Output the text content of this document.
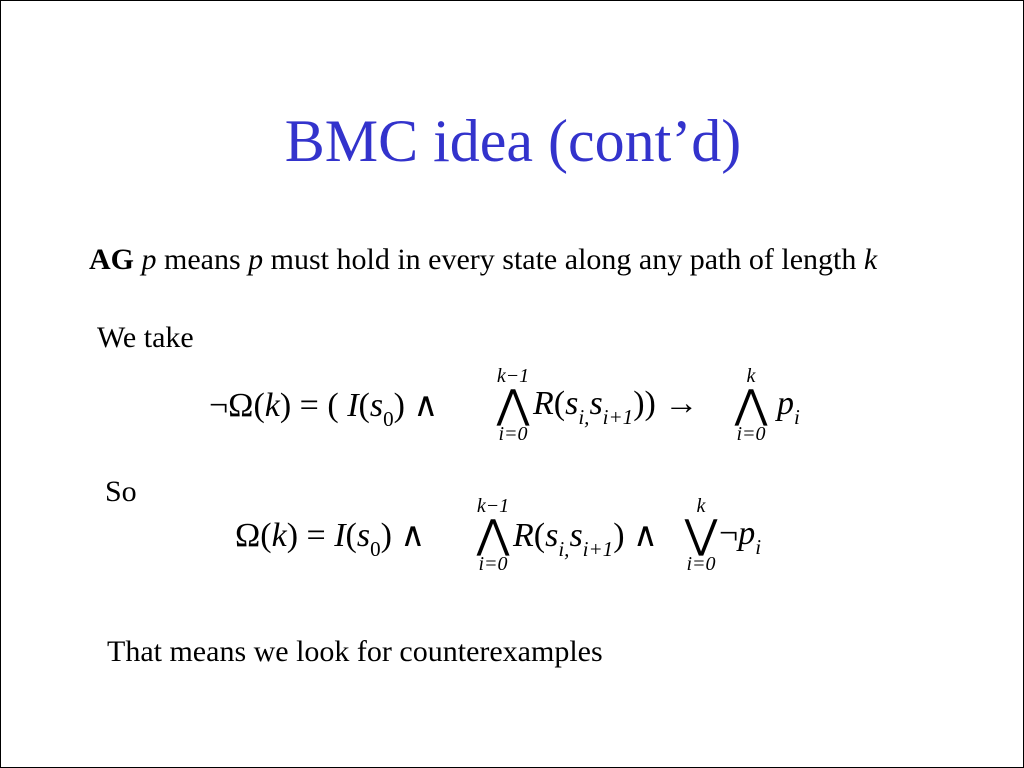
BMC idea (cont’d)
AG p means p must hold in every state along any path of length k
We take
¬Ω(k) = ( $I(s_0)$ ∧
k−1
⋀
i=0
$R(s_{i,}s_{i+1})$) →
k
⋀
i=0
$p_i$
So
$\Omega(k) = I(s_0)$ ∧
k−1
⋀
i=0
$R(s_{i,}s_{i+1})$ ∧
k
⋁
i=0
$\neg p_i$
That means we look for counterexamples
